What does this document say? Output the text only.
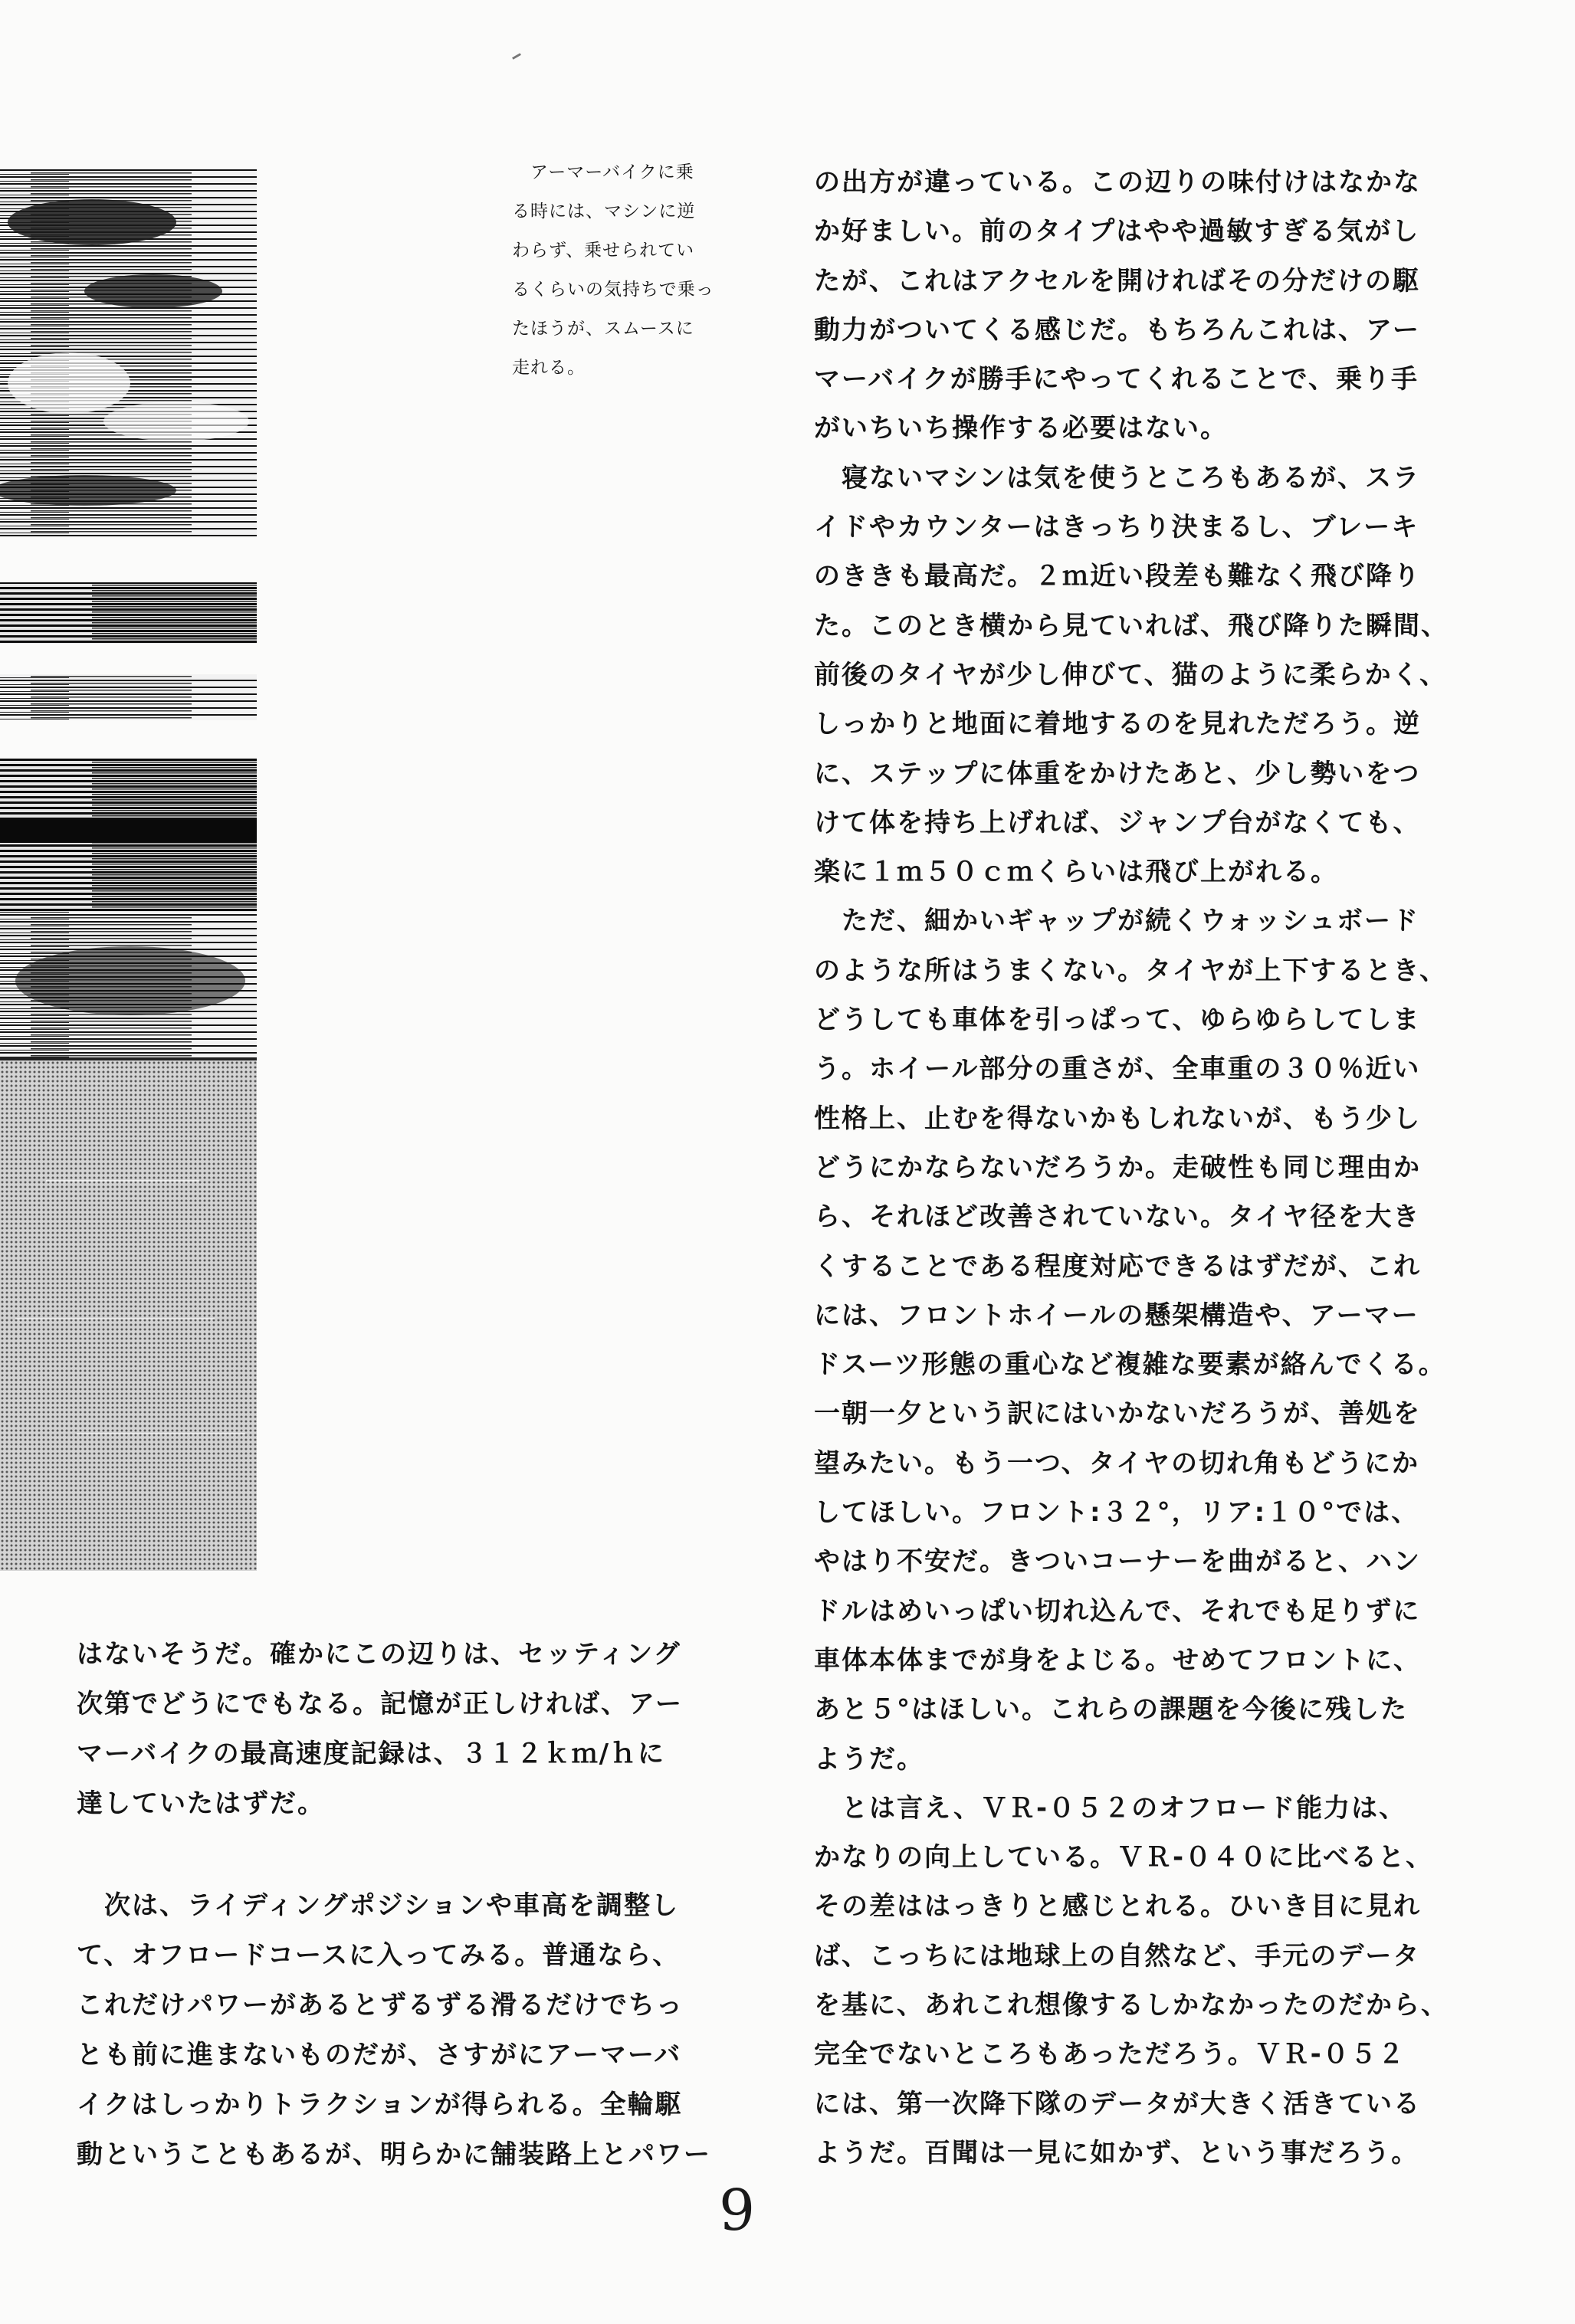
　アーマーバイクに乗
る時には、マシンに逆
わらず、乗せられてい
るくらいの気持ちで乗っ
たほうが、スムースに
走れる。
の出方が違っている。この辺りの味付けはなかな
か好ましい。前のタイプはやや過敏すぎる気がし
たが、これはアクセルを開ければその分だけの駆
動力がついてくる感じだ。もちろんこれは、アー
マーバイクが勝手にやってくれることで、乗り手
がいちいち操作する必要はない。
　寝ないマシンは気を使うところもあるが、スラ
イドやカウンターはきっちり決まるし、ブレーキ
のききも最高だ。２ｍ近い段差も難なく飛び降り
た。このとき横から見ていれば、飛び降りた瞬間、
前後のタイヤが少し伸びて、猫のように柔らかく、
しっかりと地面に着地するのを見れただろう。逆
に、ステップに体重をかけたあと、少し勢いをつ
けて体を持ち上げれば、ジャンプ台がなくても、
楽に１ｍ５０ｃｍくらいは飛び上がれる。
　ただ、細かいギャップが続くウォッシュボード
のような所はうまくない。タイヤが上下するとき、
どうしても車体を引っぱって、ゆらゆらしてしま
う。ホイール部分の重さが、全車重の３０％近い
性格上、止むを得ないかもしれないが、もう少し
どうにかならないだろうか。走破性も同じ理由か
ら、それほど改善されていない。タイヤ径を大き
くすることである程度対応できるはずだが、これ
には、フロントホイールの懸架構造や、アーマー
ドスーツ形態の重心など複雑な要素が絡んでくる。
一朝一夕という訳にはいかないだろうが、善処を
望みたい。もう一つ、タイヤの切れ角もどうにか
してほしい。フロント:３２°，リア:１０°では、
やはり不安だ。きついコーナーを曲がると、ハン
ドルはめいっぱい切れ込んで、それでも足りずに
車体本体までが身をよじる。せめてフロントに、
あと５°はほしい。これらの課題を今後に残した
ようだ。
　とは言え、ＶＲ-０５２のオフロード能力は、
かなりの向上している。ＶＲ-０４０に比べると、
その差ははっきりと感じとれる。ひいき目に見れ
ば、こっちには地球上の自然など、手元のデータ
を基に、あれこれ想像するしかなかったのだから、
完全でないところもあっただろう。ＶＲ-０５２
には、第一次降下隊のデータが大きく活きている
ようだ。百聞は一見に如かず、という事だろう。
はないそうだ。確かにこの辺りは、セッティング
次第でどうにでもなる。記憶が正しければ、アー
マーバイクの最高速度記録は、３１２ｋｍ/ｈに
達していたはずだ。
　次は、ライディングポジションや車高を調整し
て、オフロードコースに入ってみる。普通なら、
これだけパワーがあるとずるずる滑るだけでちっ
とも前に進まないものだが、さすがにアーマーバ
イクはしっかりトラクションが得られる。全輪駆
動ということもあるが、明らかに舗装路上とパワー
9
